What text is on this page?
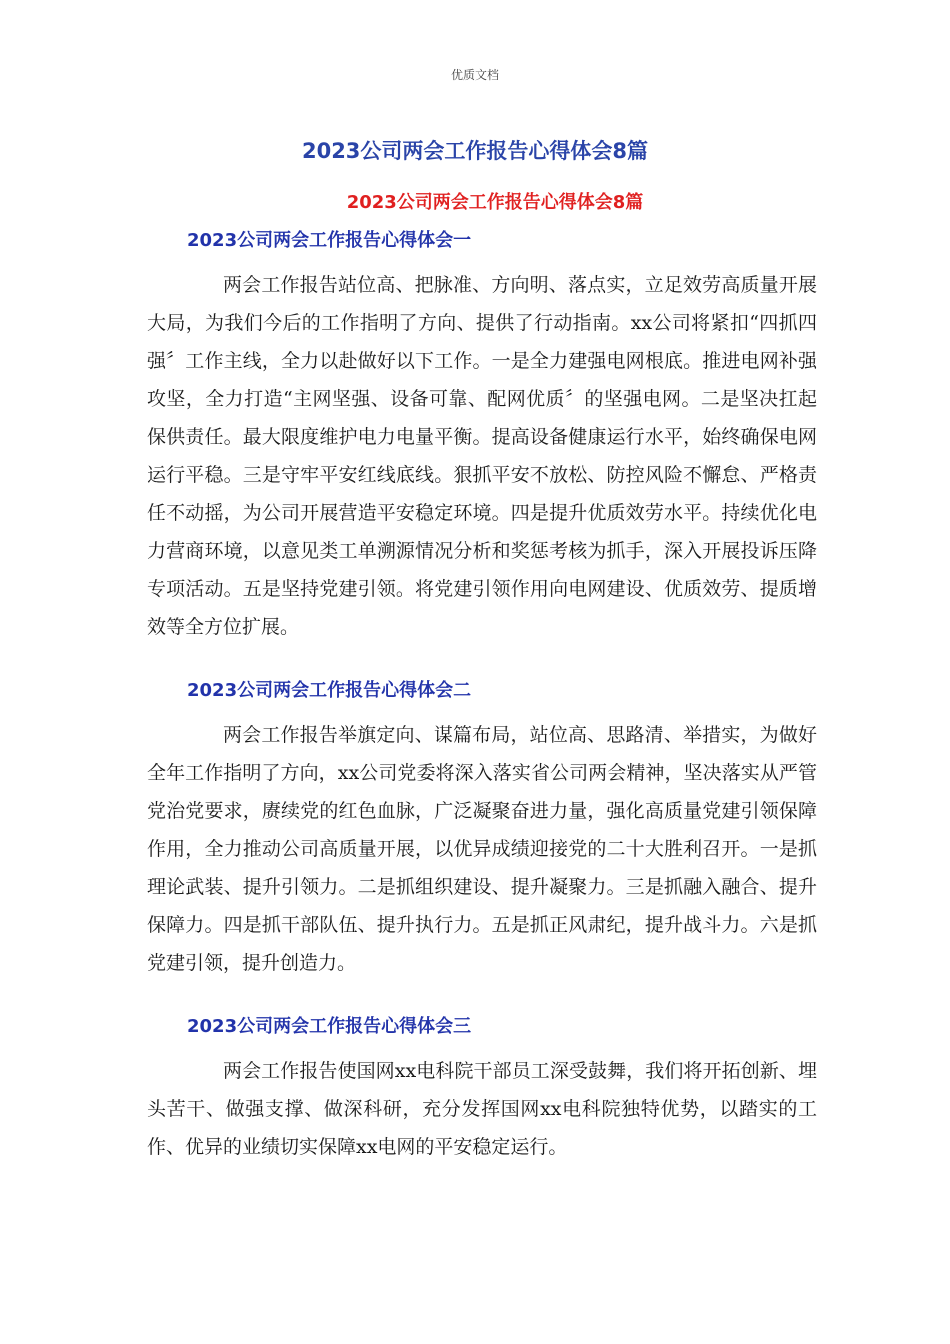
优质文档
2023公司两会工作报告心得体会8篇
2023公司两会工作报告心得体会8篇
2023公司两会工作报告心得体会一

两会工作报告站位高、把脉准、方向明、落点实，立足效劳高质量开展大局，为我们今后的工作指明了方向、提供了行动指南。xx公司将紧扣“四抓四强〞工作主线，全力以赴做好以下工作。一是全力建强电网根底。推进电网补强攻坚，全力打造“主网坚强、设备可靠、配网优质〞的坚强电网。二是坚决扛起保供责任。最大限度维护电力电量平衡。提高设备健康运行水平，始终确保电网运行平稳。三是守牢平安红线底线。狠抓平安不放松、防控风险不懈怠、严格责任不动摇，为公司开展营造平安稳定环境。四是提升优质效劳水平。持续优化电力营商环境，以意见类工单溯源情况分析和奖惩考核为抓手，深入开展投诉压降专项活动。五是坚持党建引领。将党建引领作用向电网建设、优质效劳、提质增效等全方位扩展。

2023公司两会工作报告心得体会二

两会工作报告举旗定向、谋篇布局，站位高、思路清、举措实，为做好全年工作指明了方向，xx公司党委将深入落实省公司两会精神，坚决落实从严管党治党要求，赓续党的红色血脉，广泛凝聚奋进力量，强化高质量党建引领保障作用，全力推动公司高质量开展，以优异成绩迎接党的二十大胜利召开。一是抓理论武装、提升引领力。二是抓组织建设、提升凝聚力。三是抓融入融合、提升保障力。四是抓干部队伍、提升执行力。五是抓正风肃纪，提升战斗力。六是抓党建引领，提升创造力。

2023公司两会工作报告心得体会三

两会工作报告使国网xx电科院干部员工深受鼓舞，我们将开拓创新、埋头苦干、做强支撑、做深科研，充分发挥国网xx电科院独特优势，以踏实的工作、优异的业绩切实保障xx电网的平安稳定运行。
